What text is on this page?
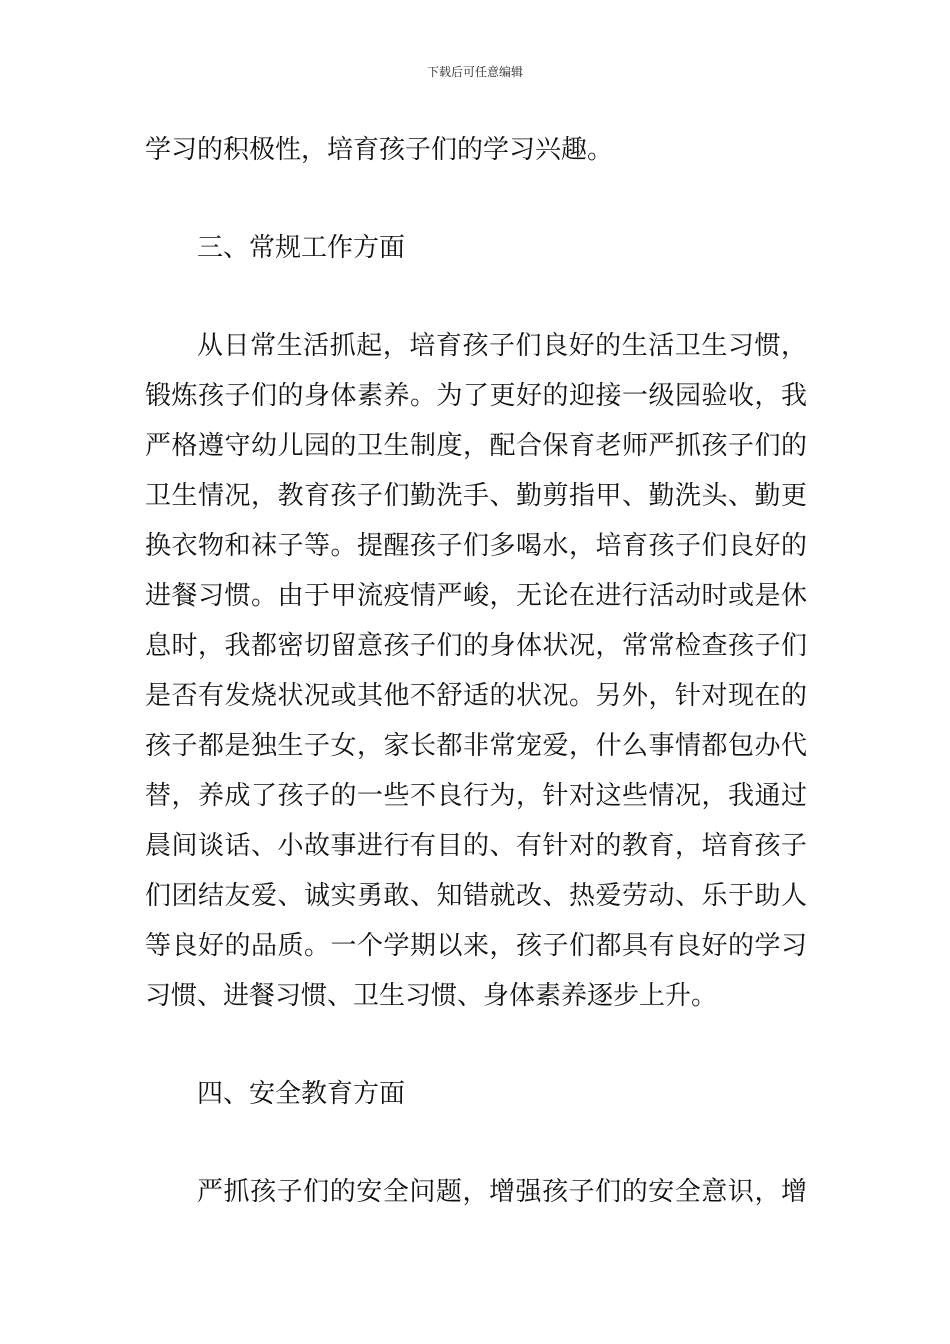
下载后可任意编辑
学习的积极性，培育孩子们的学习兴趣。
三、常规工作方面
从日常生活抓起，培育孩子们良好的生活卫生习惯，
锻炼孩子们的身体素养。为了更好的迎接一级园验收，我
严格遵守幼儿园的卫生制度，配合保育老师严抓孩子们的
卫生情况，教育孩子们勤洗手、勤剪指甲、勤洗头、勤更
换衣物和袜子等。提醒孩子们多喝水，培育孩子们良好的
进餐习惯。由于甲流疫情严峻，无论在进行活动时或是休
息时，我都密切留意孩子们的身体状况，常常检查孩子们
是否有发烧状况或其他不舒适的状况。另外，针对现在的
孩子都是独生子女，家长都非常宠爱，什么事情都包办代
替，养成了孩子的一些不良行为，针对这些情况，我通过
晨间谈话、小故事进行有目的、有针对的教育，培育孩子
们团结友爱、诚实勇敢、知错就改、热爱劳动、乐于助人
等良好的品质。一个学期以来，孩子们都具有良好的学习
习惯、进餐习惯、卫生习惯、身体素养逐步上升。
四、安全教育方面
严抓孩子们的安全问题，增强孩子们的安全意识，增
